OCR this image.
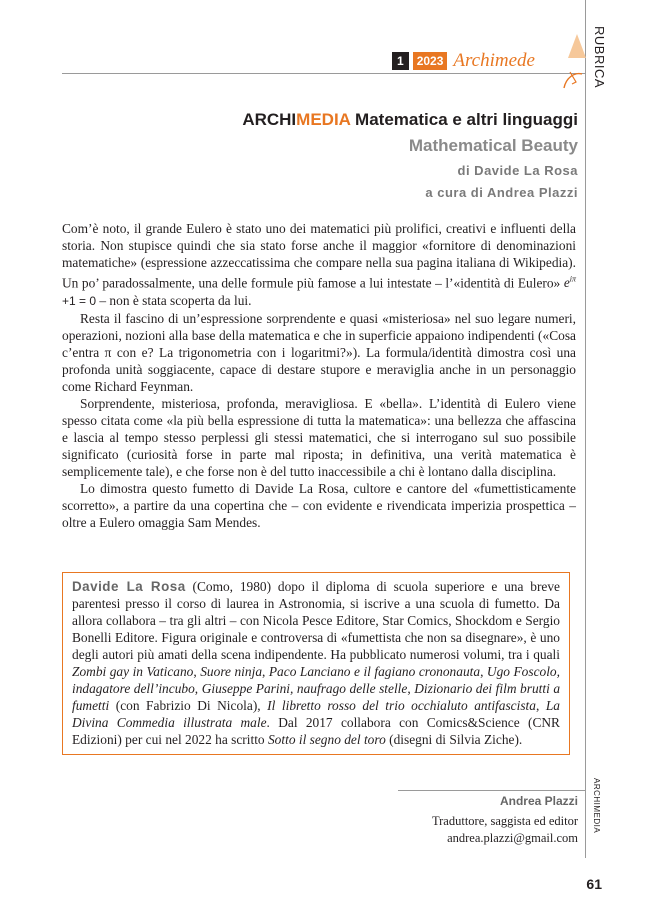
1	2023 Archimede	RUBRICA
ARCHIMEDIA Matematica e altri linguaggi
Mathematical Beauty
di Davide La Rosa
a cura di Andrea Plazzi

Com’è noto, il grande Eulero è stato uno dei matematici più prolifici, creativi e influenti della storia. Non stupisce quindi che sia stato forse anche il maggior «fornitore di denominazioni matematiche» (espressione azzeccatissima che compare nella sua pagina italiana di Wikipedia). Un po’ paradossalmente, una delle formule più famose a lui intestate – l’«identità di Eulero» $e^{i\pi} +1 = 0$ – non è stata scoperta da lui.

Resta il fascino di un’espressione sorprendente e quasi «misteriosa» nel suo legare numeri, operazioni, nozioni alla base della matematica e che in superficie appaiono indipendenti («Cosa c’entra π con e? La trigonometria con i logaritmi?»). La formula/identità dimostra così una profonda unità soggiacente, capace di destare stupore e meraviglia anche in un personaggio come Richard Feynman.

Sorprendente, misteriosa, profonda, meravigliosa. E «bella». L’identità di Eulero viene spesso citata come «la più bella espressione di tutta la matematica»: una bellezza che affascina e lascia al tempo stesso perplessi gli stessi matematici, che si interrogano sul suo possibile significato (curiosità forse in parte mal riposta; in definitiva, una verità matematica è semplicemente tale), e che forse non è del tutto inaccessibile a chi è lontano dalla disciplina.

Lo dimostra questo fumetto di Davide La Rosa, cultore e cantore del «fumettisticamente scorretto», a partire da una copertina che – con evidente e rivendicata imperizia prospettica – oltre a Eulero omaggia Sam Mendes.

Davide La Rosa (Como, 1980) dopo il diploma di scuola superiore e una breve parentesi presso il corso di laurea in Astronomia, si iscrive a una scuola di fumetto. Da allora collabora – tra gli altri – con Nicola Pesce Editore, Star Comics, Shockdom e Sergio Bonelli Editore. Figura originale e controversa di «fumettista che non sa disegnare», è uno degli autori più amati della scena indipendente. Ha pubblicato numerosi volumi, tra i quali Zombi gay in Vaticano, Suore ninja, Paco Lanciano e il fagiano crononauta, Ugo Foscolo, indagatore dell’incubo, Giuseppe Parini, naufrago delle stelle, Dizionario dei film brutti a fumetti (con Fabrizio Di Nicola), Il libretto rosso del trio occhialuto antifascista, La Divina Commedia illustrata male. Dal 2017 collabora con Comics&Science (CNR Edizioni) per cui nel 2022 ha scritto Sotto il segno del toro (disegni di Silvia Ziche).
Andrea Plazzi
Traduttore, saggista ed editor
andrea.plazzi@gmail.com
ARCHIMEDIA
61
